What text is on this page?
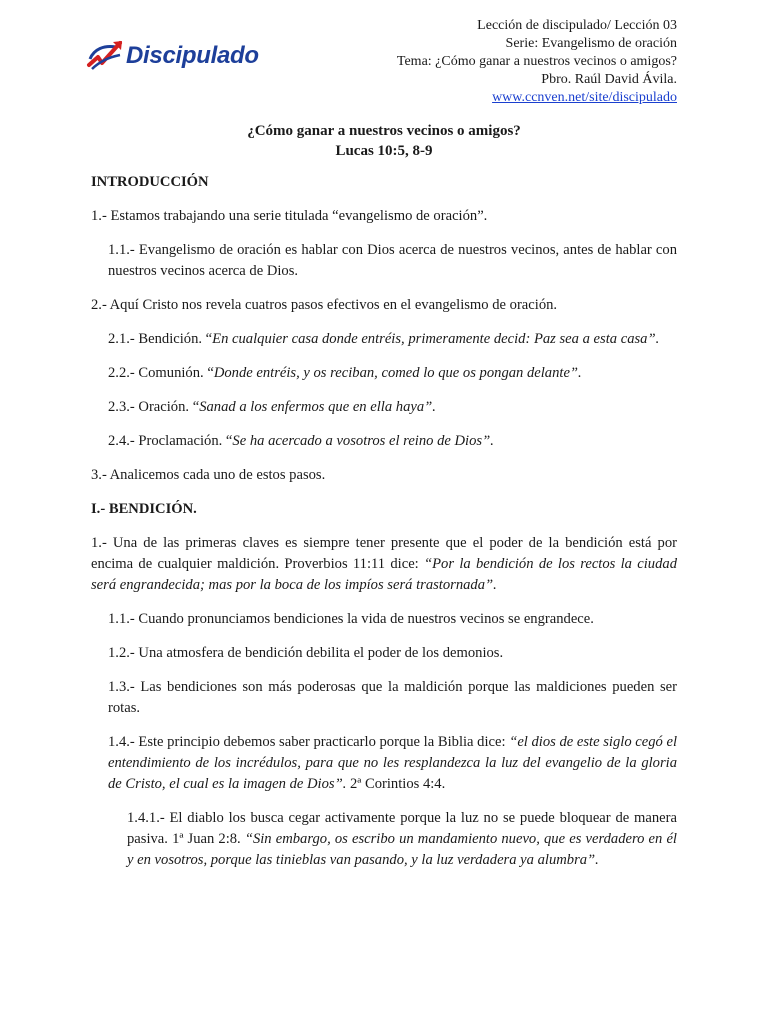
Discipulado
Lección de discipulado/ Lección 03
Serie: Evangelismo de oración
Tema: ¿Cómo ganar a nuestros vecinos o amigos?
Pbro. Raúl David Ávila.
www.ccnven.net/site/discipulado
¿Cómo ganar a nuestros vecinos o amigos?
Lucas 10:5, 8-9

INTRODUCCIÓN

1.- Estamos trabajando una serie titulada “evangelismo de oración”.

1.1.- Evangelismo de oración es hablar con Dios acerca de nuestros vecinos, antes de hablar con nuestros vecinos acerca de Dios.

2.- Aquí Cristo nos revela cuatros pasos efectivos en el evangelismo de oración.

2.1.- Bendición. “En cualquier casa donde entréis, primeramente decid: Paz sea a esta casa”.

2.2.- Comunión. “Donde entréis, y os reciban, comed lo que os pongan delante”.

2.3.- Oración. “Sanad a los enfermos que en ella haya”.

2.4.- Proclamación. “Se ha acercado a vosotros el reino de Dios”.

3.- Analicemos cada uno de estos pasos.

I.- BENDICIÓN.

1.- Una de las primeras claves es siempre tener presente que el poder de la bendición está por encima de cualquier maldición. Proverbios 11:11 dice: “Por la bendición de los rectos la ciudad será engrandecida; mas por la boca de los impíos será trastornada”.

1.1.- Cuando pronunciamos bendiciones la vida de nuestros vecinos se engrandece.

1.2.- Una atmosfera de bendición debilita el poder de los demonios.

1.3.- Las bendiciones son más poderosas que la maldición porque las maldiciones pueden ser rotas.

1.4.- Este principio debemos saber practicarlo porque la Biblia dice: “el dios de este siglo cegó el entendimiento de los incrédulos, para que no les resplandezca la luz del evangelio de la gloria de Cristo, el cual es la imagen de Dios”. 2ª Corintios 4:4.

1.4.1.- El diablo los busca cegar activamente porque la luz no se puede bloquear de manera pasiva. 1ª Juan 2:8. “Sin embargo, os escribo un mandamiento nuevo, que es verdadero en él y en vosotros, porque las tinieblas van pasando, y la luz verdadera ya alumbra”.
